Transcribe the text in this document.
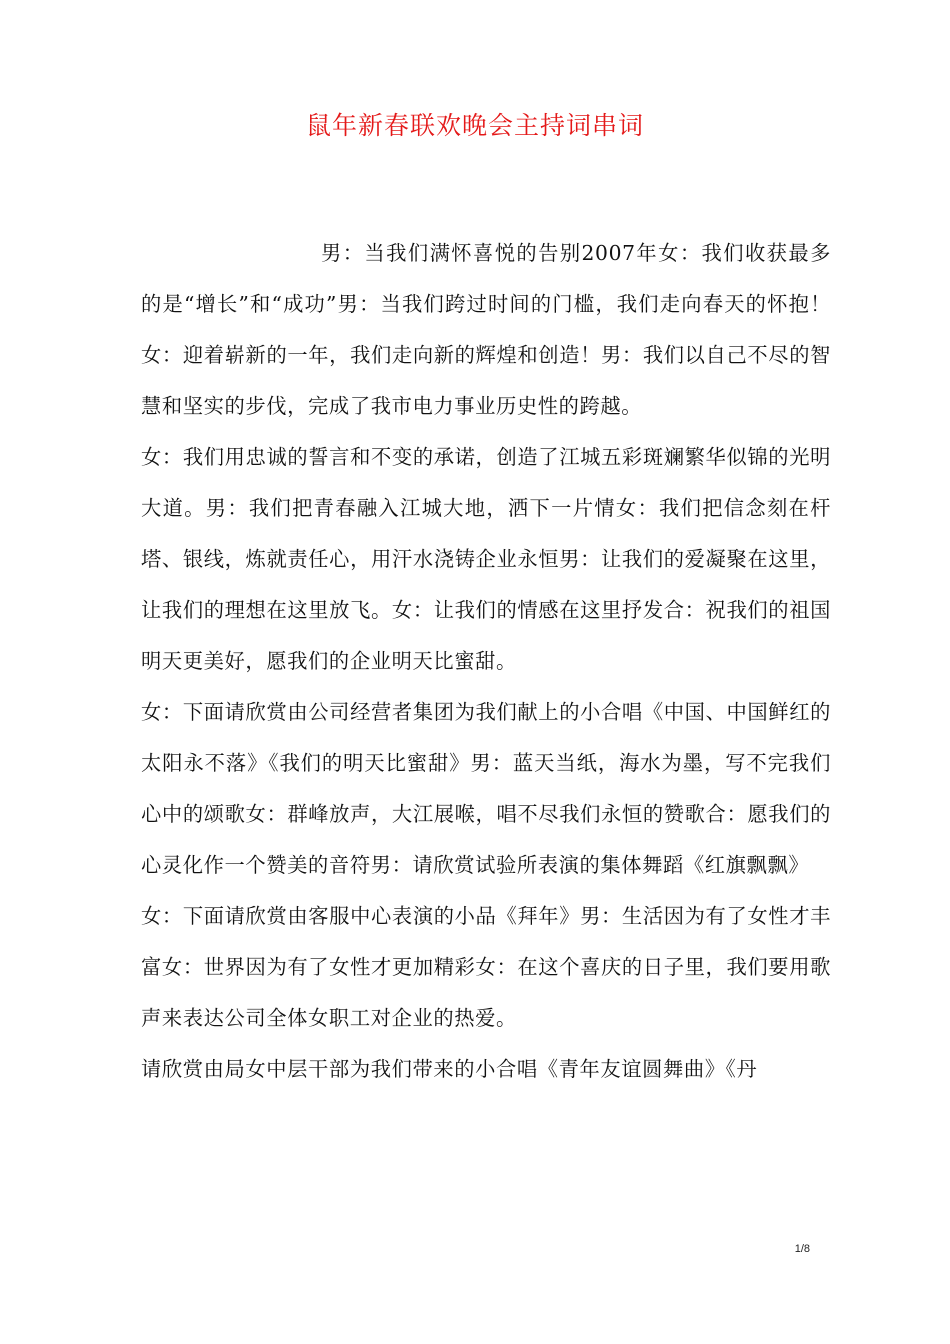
鼠年新春联欢晚会主持词串词

男：当我们满怀喜悦的告别2007年女：我们收获最多的是“增长”和“成功”男：当我们跨过时间的门槛，我们走向春天的怀抱！女：迎着崭新的一年，我们走向新的辉煌和创造！男：我们以自己不尽的智慧和坚实的步伐，完成了我市电力事业历史性的跨越。

女：我们用忠诚的誓言和不变的承诺，创造了江城五彩斑斓繁华似锦的光明大道。男：我们把青春融入江城大地，洒下一片情女：我们把信念刻在杆塔、银线，炼就责任心，用汗水浇铸企业永恒男：让我们的爱凝聚在这里，让我们的理想在这里放飞。女：让我们的情感在这里抒发合：祝我们的祖国明天更美好，愿我们的企业明天比蜜甜。

女：下面请欣赏由公司经营者集团为我们献上的小合唱《中国、中国鲜红的太阳永不落》《我们的明天比蜜甜》男：蓝天当纸，海水为墨，写不完我们心中的颂歌女：群峰放声，大江展喉，唱不尽我们永恒的赞歌合：愿我们的心灵化作一个赞美的音符男：请欣赏试验所表演的集体舞蹈《红旗飘飘》

女：下面请欣赏由客服中心表演的小品《拜年》男：生活因为有了女性才丰富女：世界因为有了女性才更加精彩女：在这个喜庆的日子里，我们要用歌声来表达公司全体女职工对企业的热爱。

请欣赏由局女中层干部为我们带来的小合唱《青年友谊圆舞曲》《丹

1/8
